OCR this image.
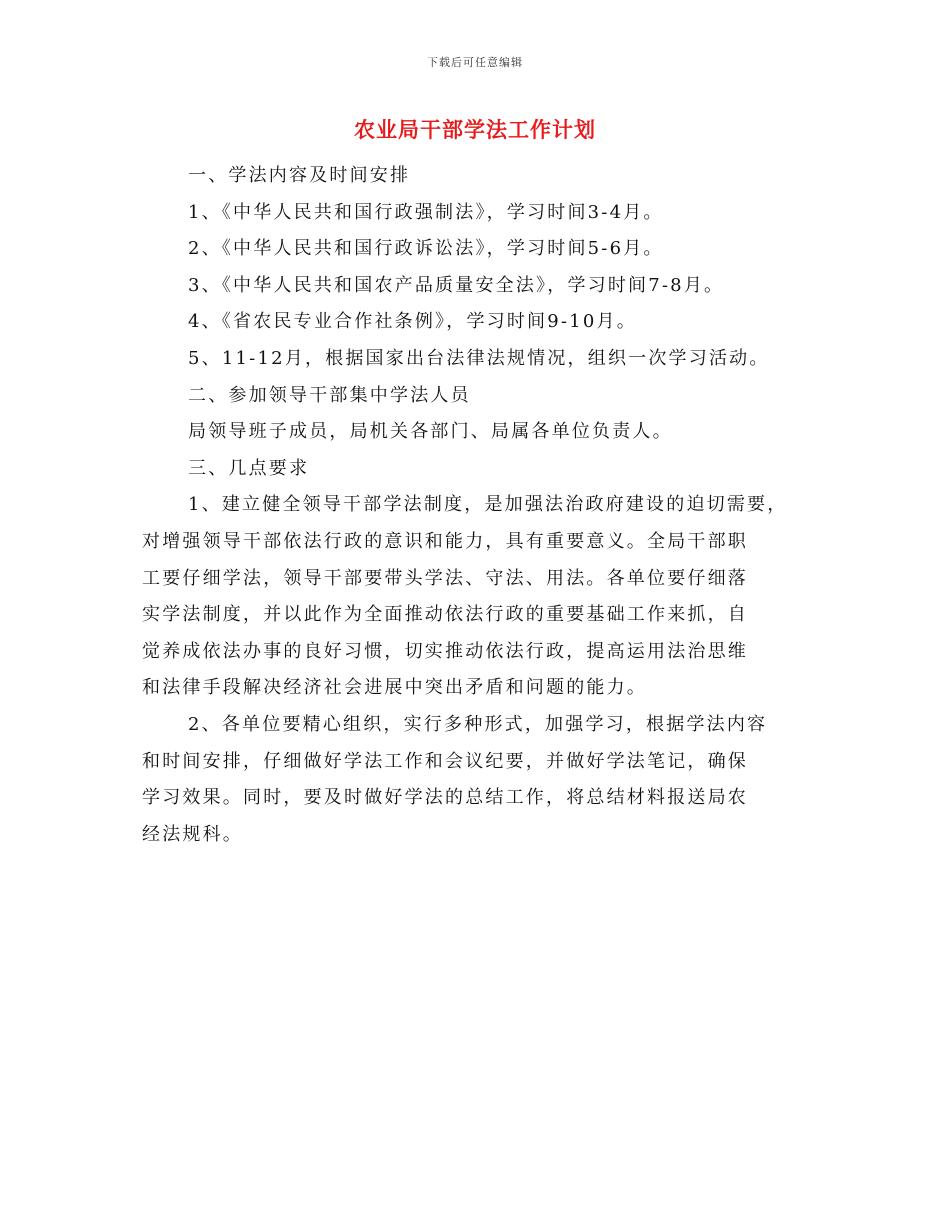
下载后可任意编辑
农业局干部学法工作计划
一、学法内容及时间安排
1、《中华人民共和国行政强制法》，学习时间3-4月。
2、《中华人民共和国行政诉讼法》，学习时间5-6月。
3、《中华人民共和国农产品质量安全法》，学习时间7-8月。
4、《省农民专业合作社条例》，学习时间9-10月。
5、11-12月，根据国家出台法律法规情况，组织一次学习活动。
二、参加领导干部集中学法人员
局领导班子成员，局机关各部门、局属各单位负责人。
三、几点要求
1、建立健全领导干部学法制度，是加强法治政府建设的迫切需要，
对增强领导干部依法行政的意识和能力，具有重要意义。全局干部职
工要仔细学法，领导干部要带头学法、守法、用法。各单位要仔细落
实学法制度，并以此作为全面推动依法行政的重要基础工作来抓，自
觉养成依法办事的良好习惯，切实推动依法行政，提高运用法治思维
和法律手段解决经济社会进展中突出矛盾和问题的能力。
2、各单位要精心组织，实行多种形式，加强学习，根据学法内容
和时间安排，仔细做好学法工作和会议纪要，并做好学法笔记，确保
学习效果。同时，要及时做好学法的总结工作，将总结材料报送局农
经法规科。
